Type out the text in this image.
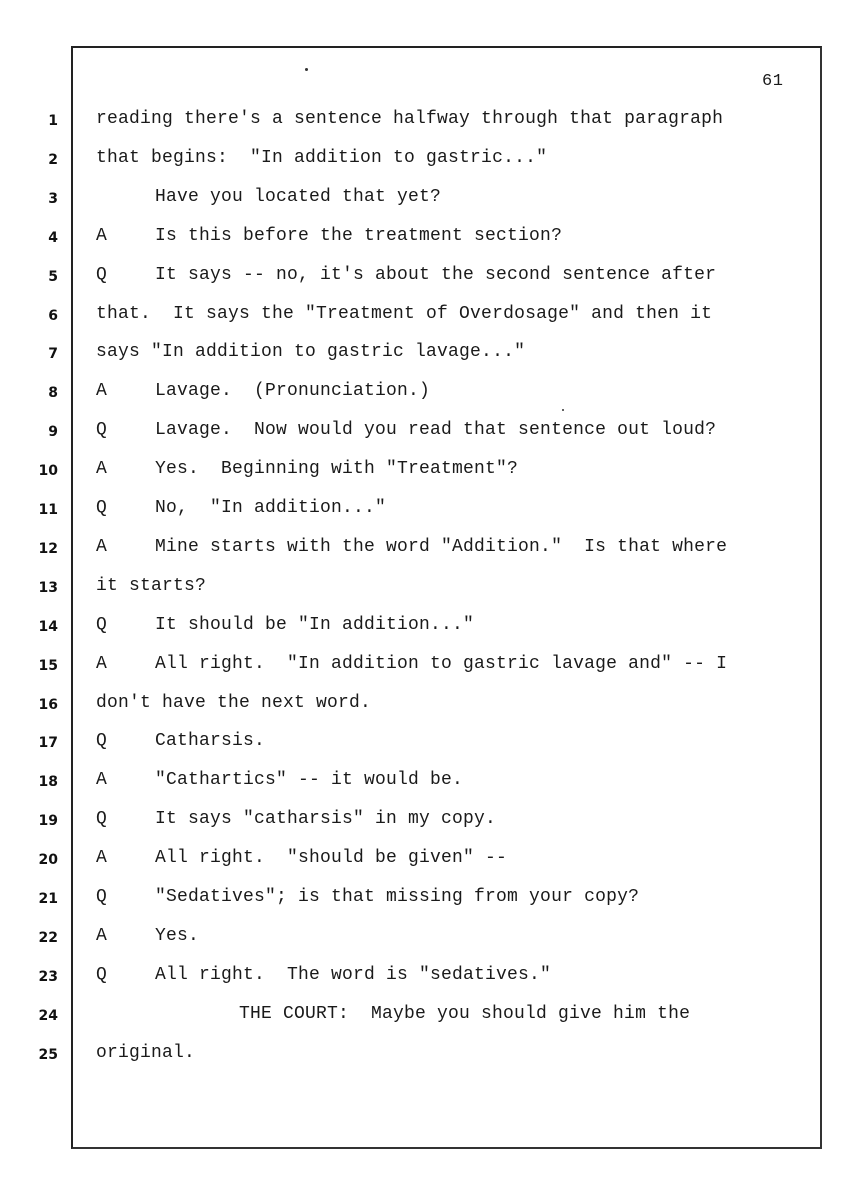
61
1 reading there's a sentence halfway through that paragraph
2 that begins:  "In addition to gastric..."
3	Have you located that yet?
4 A	Is this before the treatment section?
5 Q	It says -- no, it's about the second sentence after
6 that.  It says the "Treatment of Overdosage" and then it
7 says "In addition to gastric lavage..."
8 A	Lavage.  (Pronunciation.)
9 Q	Lavage.  Now would you read that sentence out loud?
10 A	Yes.  Beginning with "Treatment"?
11 Q	No,  "In addition..."
12 A	Mine starts with the word "Addition."  Is that where
13 it starts?
14 Q	It should be "In addition..."
15 A	All right.  "In addition to gastric lavage and" -- I
16 don't have the next word.
17 Q	Catharsis.
18 A	"Cathartics" -- it would be.
19 Q	It says "catharsis" in my copy.
20 A	All right.  "should be given" --
21 Q	"Sedatives"; is that missing from your copy?
22 A	Yes.
23 Q	All right.  The word is "sedatives."
24	THE COURT:  Maybe you should give him the
25 original.
